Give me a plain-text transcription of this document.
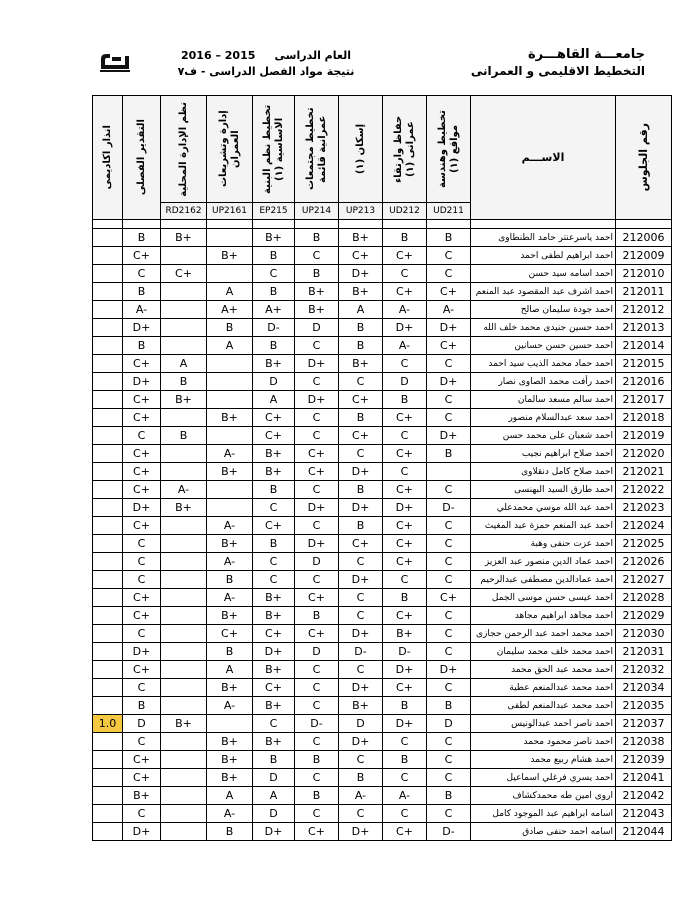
جامعـــة القاهـــرة
التخطيط الاقليمى و العمرانى
العام الدراسى     2016 – 2015
نتيجة مواد الفصل الدراسى - ف٧
انذار اكاديمى	التقدير الفصلى	نظم الإدارة المحلية	إدارة وتشريعات العمران	تخطيط نظم البنية الاساسية (١)	تخطيط مجتمعات عمرانية قائمة	إسكان (١)	حفاظ وارتقاء عمرانى (١)	تخطيط وهندسة مواقع (١)	الاســـم	رقم الجلوس

		RD2162	UP2161	EP215	UP214	UP213	UD212	UD211		

	B	B+		B+	B	B+	B	B	احمد ياسرعنتر حامد الطنطاوى	212006
	C+		B+	B	C	C+	C+	C	احمد ابراهيم لطفى احمد	212009
	C	C+		C	B	D+	C	C	احمد اسامه سيد حسن	212010
	B		A	B	B+	B+	C+	C+	احمد اشرف عبد المقصود عبد المنعم	212011
	A-		A+	A+	B+	A	A-	A-	احمد جودة سليمان صالح	212012
	D+		B	D-	D	B	D+	D+	احمد حسين جنيدى محمد خلف الله	212013
	B		A	B	C	B	A-	C+	احمد حسين حسن حسانين	212014
	C+	A		B+	D+	B+	C	C	احمد حماد محمد الذيب سيد احمد	212015
	D+	B		D	C	C	D	D+	احمد رأفت محمد الصاوى نصار	212016
	C+	B+		A	D+	C+	B	C	احمد سالم مسعد سالمان	212017
	C+		B+	C+	C	B	C+	C	احمد سعد عبدالسلام منصور	212018
	C	B		C+	C	C+	C	D+	احمد شعبان على محمد حسن	212019
	C+		A-	B+	C+	C	C+	B	احمد صلاح ابراهيم نجيب	212020
	C+		B+	B+	C+	D+	C		احمد صلاح كامل دنقلاوى	212021
	C+	A-		B	C	B	C+	C	احمد طارق السيد البهنسى	212022
	D+	B+		C	D+	D+	D+	D-	احمد عبد الله موسي محمدعلي	212023
	C+		A-	C+	C	B	C+	C	احمد عبد المنعم حمزة عبد المغيث	212024
	C		B+	B	D+	C+	C+	C	احمد عزت حنفى وهبة	212025
	C		A-	C	D	C	C+	C	احمد عماد الدين منصور عبد العزيز	212026
	C		B	C	C	D+	C	C	احمد عمادالدين مصطفى عبدالرحيم	212027
	C+		A-	B+	C+	C	B	C+	احمد عيسى حسن موسى الجمل	212028
	C+		B+	B+	B	C	C+	C	احمد مجاهد ابراهيم مجاهد	212029
	C		C+	C+	C+	D+	B+	C	احمد محمد احمد عبد الرحمن حجازى	212030
	D+		B	D+	D	D-	D-	C	احمد محمد خلف محمد سليمان	212031
	C+		A	B+	C	C	D+	D+	احمد محمد عبد الحق محمد	212032
	C		B+	C+	C	D+	C+	C	احمد محمد عبدالمنعم عطية	212034
	B		A-	B+	C	B+	B	B	احمد محمد عبدالمنعم لطفى	212035
1.0	D	B+		C	D-	D	D+	D	احمد ناصر احمد عبدالونيس	212037
	C		B+	B+	C	D+	C	C	احمد ناصر محمود محمد	212038
	C+		B+	B	B	C	B	C	احمد هشام ربيع محمد	212039
	C+		B+	D	C	B	C	C	احمد يسري فرغلي اسماعيل	212041
	B+		A	A	B	A-	A-	B	اروى امين طه محمدكشاف	212042
	C		A-	D	C	C	C	C	اسامه ابراهيم عبد الموجود كامل	212043
	D+		B	D+	C+	D+	C+	D-	اسامه احمد حنفى صادق	212044
